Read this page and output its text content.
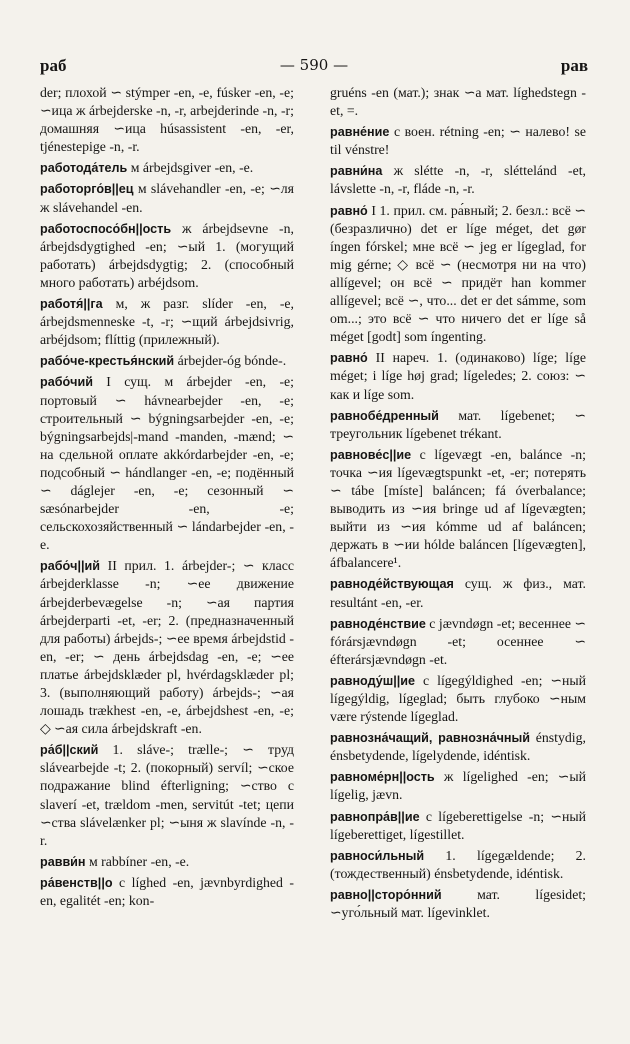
раб	— 590 —	рав

der; плохой ∽ stýmper -en, -e, fúsker -en, -e; ∽ица ж árbejderske -n, -r, arbejderinde -n, -r; домашняя ∽ица húsassistent -en, -er, tjénestepige -n, -r.

работода́тель м árbejdsgiver -en, -e.

работорго́в||ец м slávehandler -en, -e; ∽ля ж slávehandel -en.

работоспосо́бн||ость ж árbejdsevne -n, árbejdsdygtighed -en; ∽ый 1. (могущий работать) árbejdsdygtig; 2. (способный много работать) arbéjdsom.

работя́||га м, ж разг. slíder -en, -e, árbejdsmenneske -t, -r; ∽щий árbejdsivrig, arbéjdsom; flíttig (прилежный).

рабо́че-крестья́нский árbejder-óg bónde-.

рабо́чий I сущ. м árbejder -en, -e; портовый ∽ hávnearbejder -en, -e; строительный ∽ býgningsarbejder -en, -e; býgningsarbejds|-mand -manden, -mænd; ∽ на сдельной оплате akkórdarbejder -en, -e; подсобный ∽ hándlanger -en, -e; подённый ∽ dáglejer -en, -e; сезонный ∽ sæsónarbejder -en, -e; сельскохозяйственный ∽ lándarbejder -en, -e.

рабо́ч||ий II прил. 1. árbejder-; ∽ класс árbejderklasse -n; ∽ее движение árbejderbevægelse -n; ∽ая партия árbejderparti -et, -er; 2. (предназначенный для работы) árbejds-; ∽ее время árbejdstid -en, -er; ∽ день árbejdsdag -en, -e; ∽ее платье árbejdsklæder pl, hvérdagsklæder pl; 3. (выполняющий работу) árbejds-; ∽ая лошадь trækhest -en, -e, árbejdshest -en, -e; ◇ ∽ая сила árbejdskraft -en.

ра́б||ский 1. sláve-; trælle-; ∽ труд slávearbejde -t; 2. (покорный) servíl; ∽ское подражание blind éfterligning; ∽ство с slaverí -et, trældom -men, servitút -tet; цепи ∽ства slávelænker pl; ∽ыня ж slavínde -n, -r.

равви́н м rabbíner -en, -e.

ра́венств||о с líghed -en, jævnbyrdighed -en, egalitét -en; kon-

gruéns -en (мат.); знак ∽а мат. líghedstegn -et, =.

равне́ние с воен. rétning -en; ∽ налево! se til vénstre!

равни́на ж slétte -n, -r, sléttelánd -et, lávslette -n, -r, fláde -n, -r.

равно́ I 1. прил. см. ра́вный; 2. безл.: всё ∽ (безразлично) det er líge méget, det gør íngen fórskel; мне всё ∽ jeg er lígeglad, for mig gérne; ◇ всё ∽ (несмотря ни на что) allígevel; он всё ∽ придёт han kommer allígevel; всё ∽, что... det er det sámme, som om...; это всё ∽ что ничего det er líge så méget [godt] som íngenting.

равно́ II нареч. 1. (одинаково) líge; líge méget; i líge høj grad; lígeledes; 2. союз: ∽ как и líge som.

равнобе́дренный мат. lígebenet; ∽ треугольник lígebenet trékant.

равнове́с||ие с lígevægt -en, balánce -n; точка ∽ия lígevægtspunkt -et, -er; потерять ∽ tábe [míste] baláncen; fá óverbalance; выводить из ∽ия bringe ud af lígevægten; выйти из ∽ия kómme ud af baláncen; держать в ∽ии hólde baláncen [lígevægten], áfbalancere¹.

равноде́йствующая сущ. ж физ., мат. resultánt -en, -er.

равноде́нствие с jævndøgn -et; весеннее ∽ fórársjævndøgn -et; осеннее ∽ éfterársjævndøgn -et.

равноду́ш||ие с lígegýldighed -en; ∽ный lígegýldig, lígeglad; быть глубоко ∽ным være rýstende lígeglad.

равнозна́чащий, равнозна́чный énstydig, énsbetydende, lígelydende, idéntisk.

равноме́рн||ость ж lígelighed -en; ∽ый lígelig, jævn.

равнопра́в||ие с lígeberettigelse -n; ∽ный lígeberettiget, lígestillet.

равноси́льный 1. lígegældende; 2. (тождественный) énsbetydende, idéntisk.

равно||сторо́нний мат. lígesidet; ∽уго́льный мат. lígevinklet.
